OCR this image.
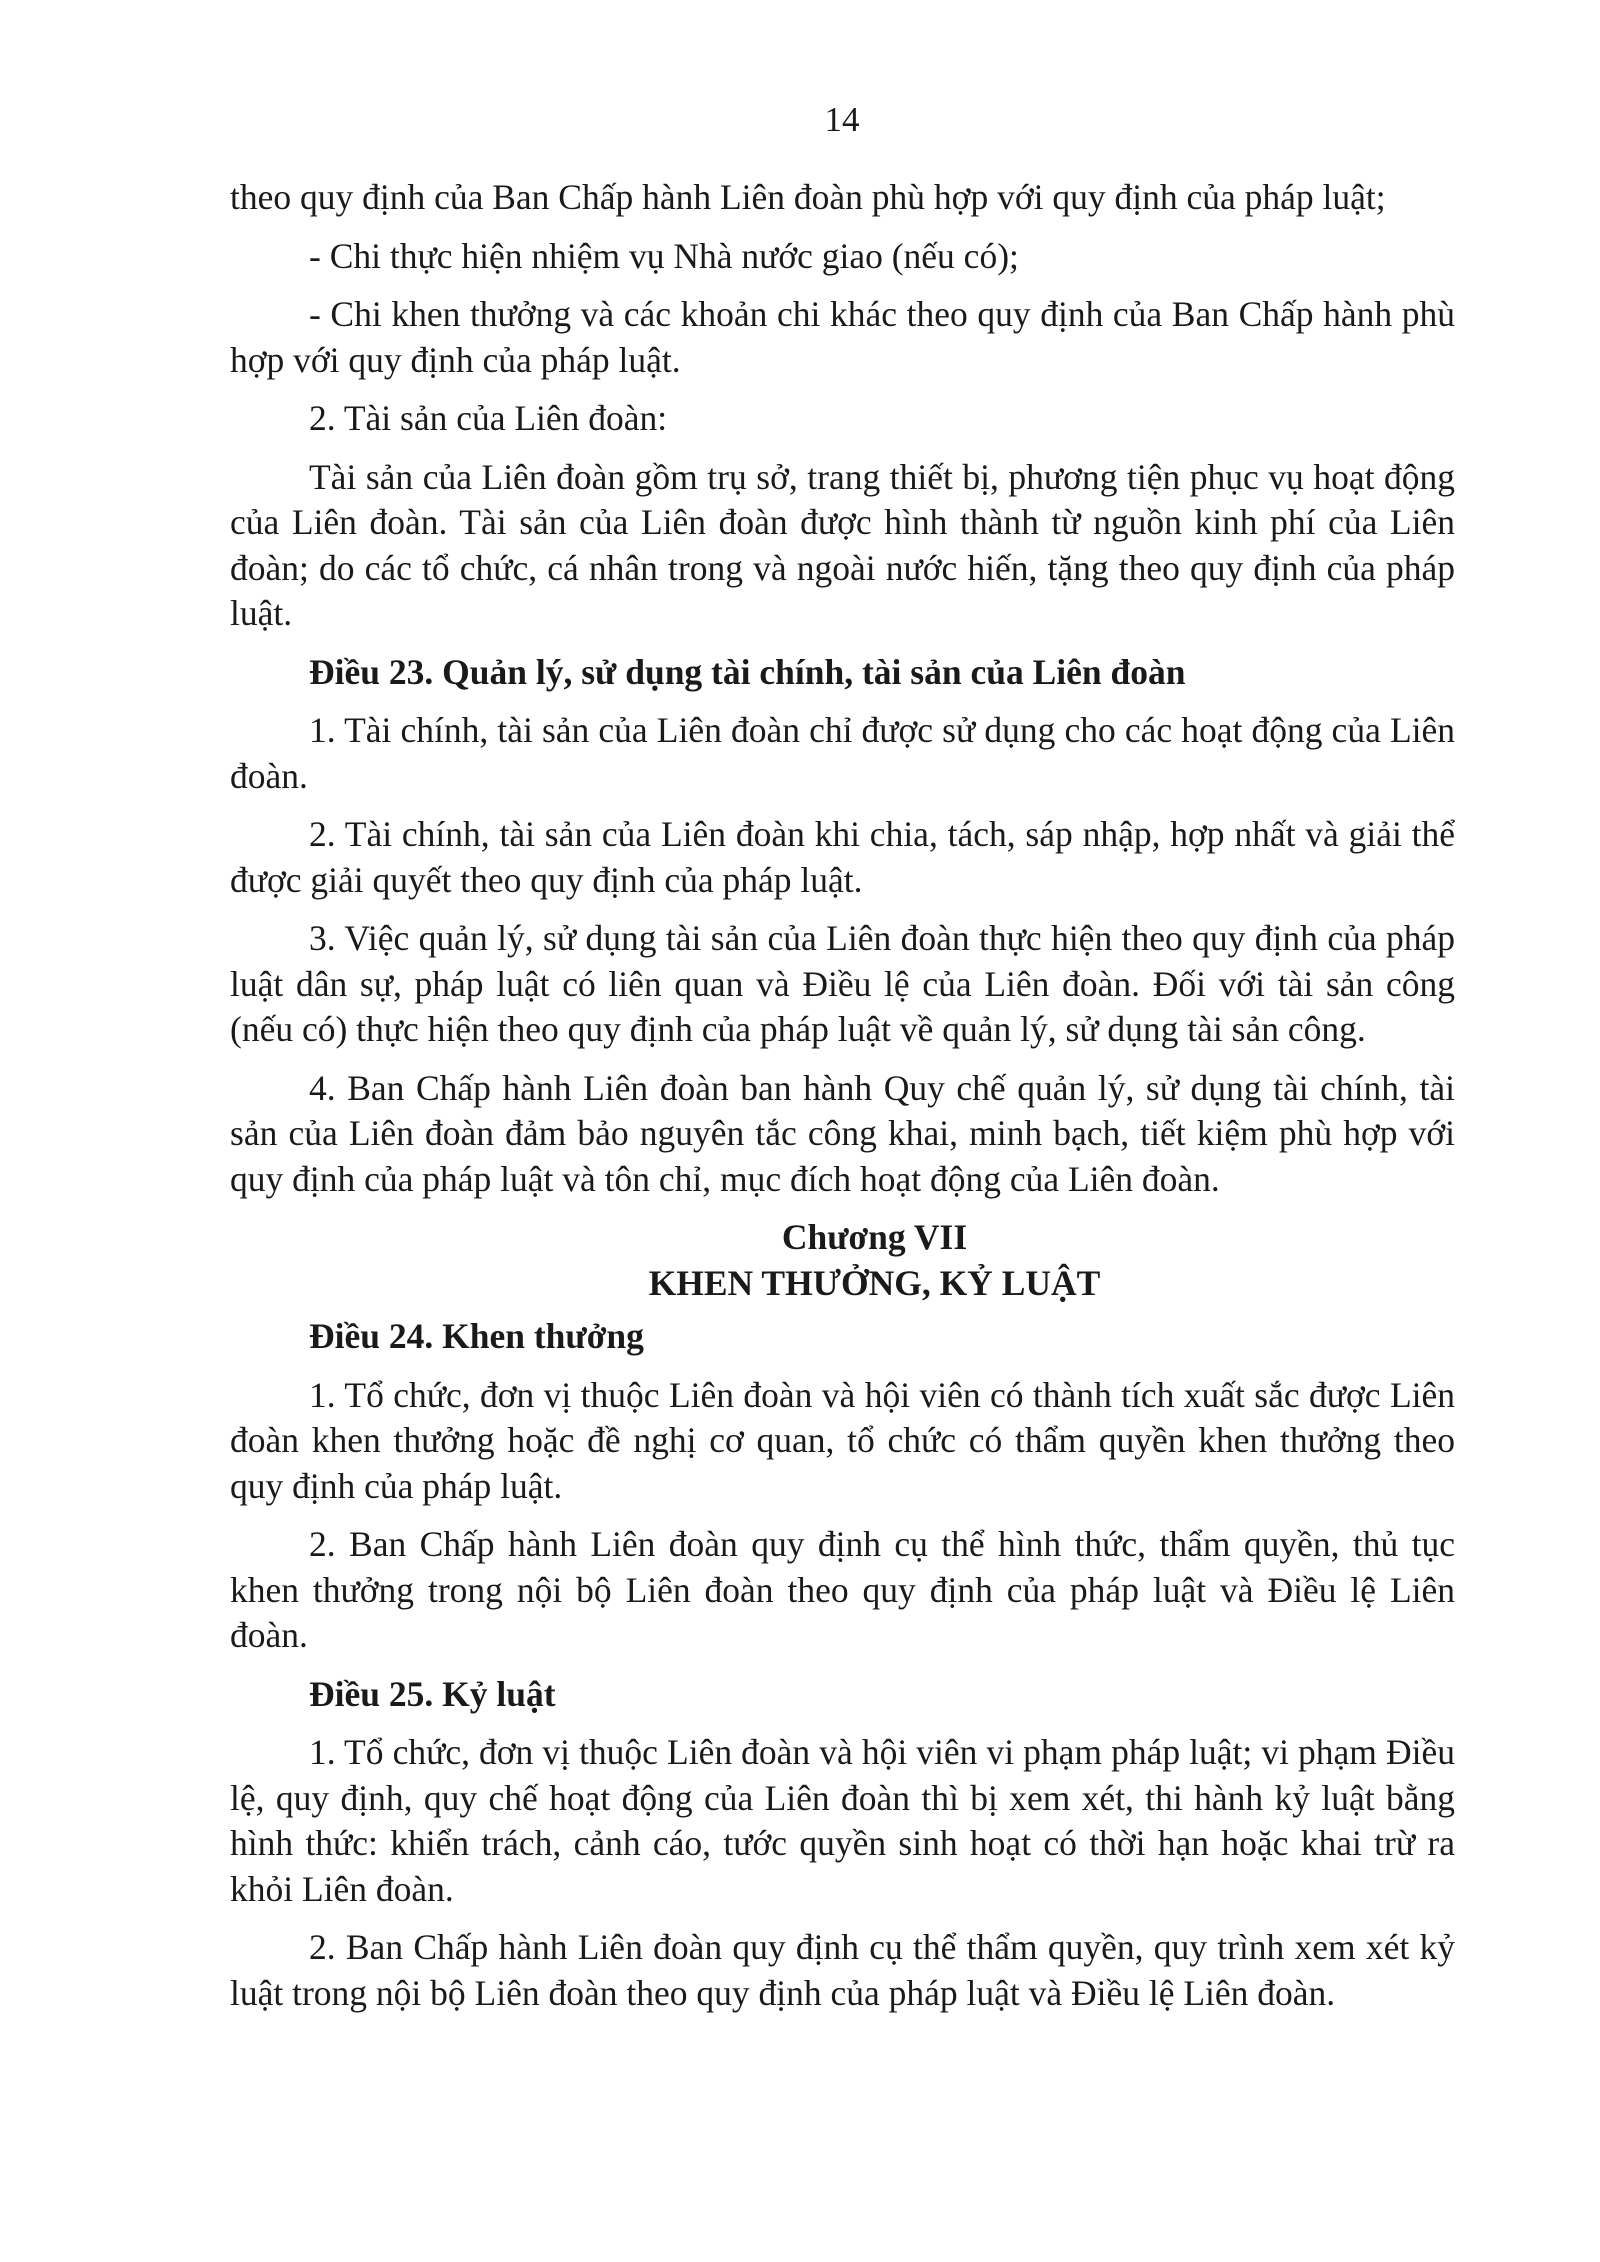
14

theo quy định của Ban Chấp hành Liên đoàn phù hợp với quy định của pháp luật;

- Chi thực hiện nhiệm vụ Nhà nước giao (nếu có);

- Chi khen thưởng và các khoản chi khác theo quy định của Ban Chấp hành phù hợp với quy định của pháp luật.

2. Tài sản của Liên đoàn:

Tài sản của Liên đoàn gồm trụ sở, trang thiết bị, phương tiện phục vụ hoạt động của Liên đoàn. Tài sản của Liên đoàn được hình thành từ nguồn kinh phí của Liên đoàn; do các tổ chức, cá nhân trong và ngoài nước hiến, tặng theo quy định của pháp luật.

Điều 23. Quản lý, sử dụng tài chính, tài sản của Liên đoàn

1. Tài chính, tài sản của Liên đoàn chỉ được sử dụng cho các hoạt động của Liên đoàn.

2. Tài chính, tài sản của Liên đoàn khi chia, tách, sáp nhập, hợp nhất và giải thể được giải quyết theo quy định của pháp luật.

3. Việc quản lý, sử dụng tài sản của Liên đoàn thực hiện theo quy định của pháp luật dân sự, pháp luật có liên quan và Điều lệ của Liên đoàn. Đối với tài sản công (nếu có) thực hiện theo quy định của pháp luật về quản lý, sử dụng tài sản công.

4. Ban Chấp hành Liên đoàn ban hành Quy chế quản lý, sử dụng tài chính, tài sản của Liên đoàn đảm bảo nguyên tắc công khai, minh bạch, tiết kiệm phù hợp với quy định của pháp luật và tôn chỉ, mục đích hoạt động của Liên đoàn.

Chương VII
KHEN THƯỞNG, KỶ LUẬT
Điều 24. Khen thưởng

1. Tổ chức, đơn vị thuộc Liên đoàn và hội viên có thành tích xuất sắc được Liên đoàn khen thưởng hoặc đề nghị cơ quan, tổ chức có thẩm quyền khen thưởng theo quy định của pháp luật.

2. Ban Chấp hành Liên đoàn quy định cụ thể hình thức, thẩm quyền, thủ tục khen thưởng trong nội bộ Liên đoàn theo quy định của pháp luật và Điều lệ Liên đoàn.

Điều 25. Kỷ luật

1. Tổ chức, đơn vị thuộc Liên đoàn và hội viên vi phạm pháp luật; vi phạm Điều lệ, quy định, quy chế hoạt động của Liên đoàn thì bị xem xét, thi hành kỷ luật bằng hình thức: khiển trách, cảnh cáo, tước quyền sinh hoạt có thời hạn hoặc khai trừ ra khỏi Liên đoàn.

2. Ban Chấp hành Liên đoàn quy định cụ thể thẩm quyền, quy trình xem xét kỷ luật trong nội bộ Liên đoàn theo quy định của pháp luật và Điều lệ Liên đoàn.
